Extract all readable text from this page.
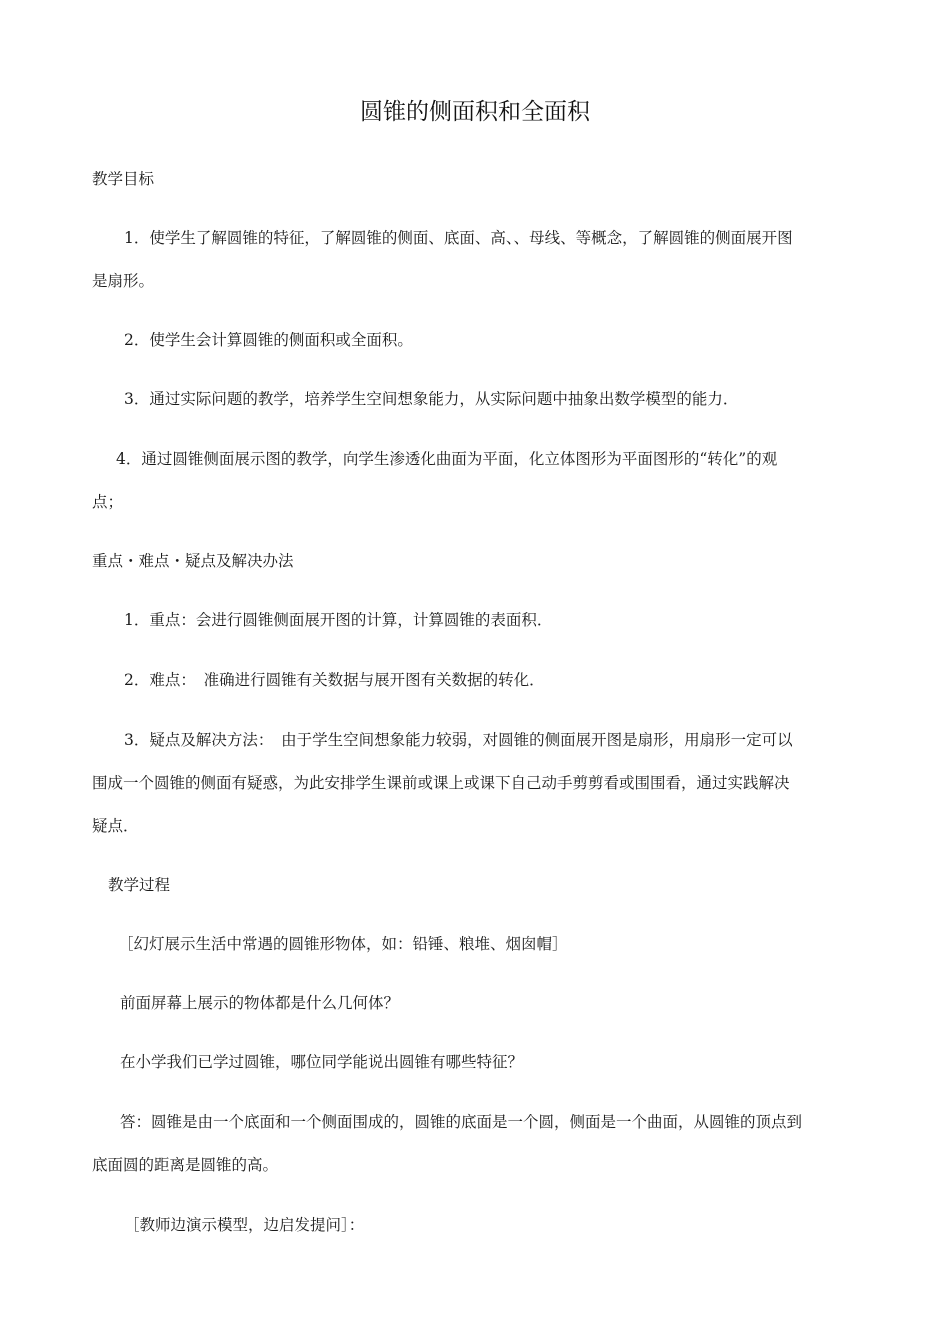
圆锥的侧面积和全面积
教学目标
1．使学生了解圆锥的特征，了解圆锥的侧面、底面、高、、母线、等概念，了解圆锥的侧面展开图
是扇形。
2．使学生会计算圆锥的侧面积或全面积。
3．通过实际问题的教学，培养学生空间想象能力，从实际问题中抽象出数学模型的能力．
4．通过圆锥侧面展示图的教学，向学生渗透化曲面为平面，化立体图形为平面图形的“转化”的观
点；
重点・难点・疑点及解决办法
1．重点：会进行圆锥侧面展开图的计算，计算圆锥的表面积．
2．难点：　准确进行圆锥有关数据与展开图有关数据的转化．
3．疑点及解决方法：　由于学生空间想象能力较弱，对圆锥的侧面展开图是扇形，用扇形一定可以
围成一个圆锥的侧面有疑惑，为此安排学生课前或课上或课下自己动手剪剪看或围围看，通过实践解决
疑点．
教学过程
［幻灯展示生活中常遇的圆锥形物体，如：铅锤、粮堆、烟囱帽］
前面屏幕上展示的物体都是什么几何体？
在小学我们已学过圆锥，哪位同学能说出圆锥有哪些特征？
答：圆锥是由一个底面和一个侧面围成的，圆锥的底面是一个圆，侧面是一个曲面，从圆锥的顶点到
底面圆的距离是圆锥的高。
［教师边演示模型，边启发提问］：
